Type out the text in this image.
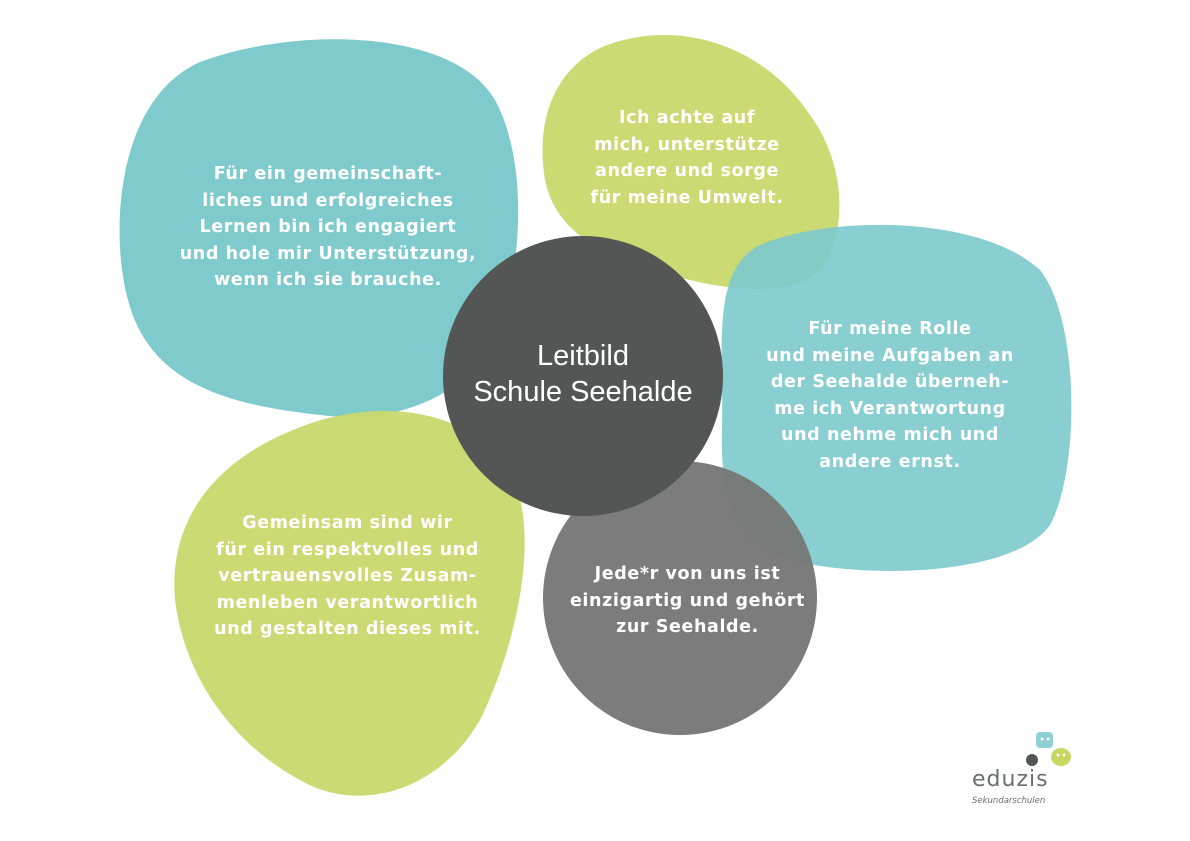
Leitbild
Schule Seehalde

Für ein gemeinschaft-
liches und erfolgreiches
Lernen bin ich engagiert
und hole mir Unterstützung,
wenn ich sie brauche.

Ich achte auf
mich, unterstütze
andere und sorge
für meine Umwelt.

Für meine Rolle
und meine Aufgaben an
der Seehalde überneh-
me ich Verantwortung
und nehme mich und
andere ernst.

Gemeinsam sind wir
für ein respektvolles und
vertrauensvolles Zusam-
menleben verantwortlich
und gestalten dieses mit.

Jede*r von uns ist
einzigartig und gehört
zur Seehalde.

eduzis
Sekundarschulen
